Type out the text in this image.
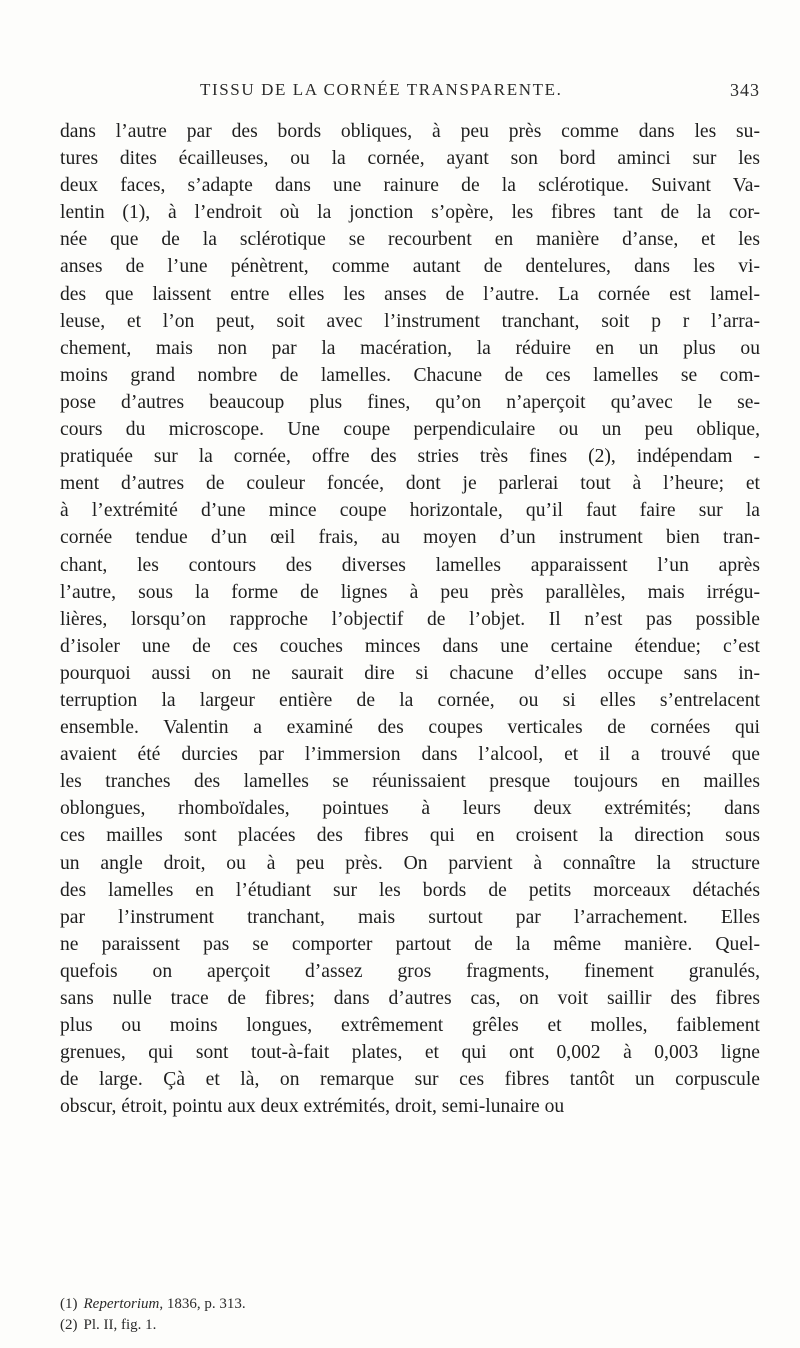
TISSU DE LA CORNÉE TRANSPARENTE.	343
dans l’autre par des bords obliques, à peu près comme dans les su-
tures dites écailleuses, ou la cornée, ayant son bord aminci sur les
deux faces, s’adapte dans une rainure de la sclérotique. Suivant Va-
lentin (1), à l’endroit où la jonction s’opère, les fibres tant de la cor-
née que de la sclérotique se recourbent en manière d’anse, et les
anses de l’une pénètrent, comme autant de dentelures, dans les vi-
des que laissent entre elles les anses de l’autre. La cornée est lamel-
leuse, et l’on peut, soit avec l’instrument tranchant, soit p r l’arra-
chement, mais non par la macération, la réduire en un plus ou
moins grand nombre de lamelles. Chacune de ces lamelles se com-
pose d’autres beaucoup plus fines, qu’on n’aperçoit qu’avec le se-
cours du microscope. Une coupe perpendiculaire ou un peu oblique,
pratiquée sur la cornée, offre des stries très fines (2), indépendam -
ment d’autres de couleur foncée, dont je parlerai tout à l’heure; et
à l’extrémité d’une mince coupe horizontale, qu’il faut faire sur la
cornée tendue d’un œil frais, au moyen d’un instrument bien tran-
chant, les contours des diverses lamelles apparaissent l’un après
l’autre, sous la forme de lignes à peu près parallèles, mais irrégu-
lières, lorsqu’on rapproche l’objectif de l’objet. Il n’est pas possible
d’isoler une de ces couches minces dans une certaine étendue; c’est
pourquoi aussi on ne saurait dire si chacune d’elles occupe sans in-
terruption la largeur entière de la cornée, ou si elles s’entrelacent
ensemble. Valentin a examiné des coupes verticales de cornées qui
avaient été durcies par l’immersion dans l’alcool, et il a trouvé que
les tranches des lamelles se réunissaient presque toujours en mailles
oblongues, rhomboïdales, pointues à leurs deux extrémités; dans
ces mailles sont placées des fibres qui en croisent la direction sous
un angle droit, ou à peu près. On parvient à connaître la structure
des lamelles en l’étudiant sur les bords de petits morceaux détachés
par l’instrument tranchant, mais surtout par l’arrachement. Elles
ne paraissent pas se comporter partout de la même manière. Quel-
quefois on aperçoit d’assez gros fragments, finement granulés,
sans nulle trace de fibres; dans d’autres cas, on voit saillir des fibres
plus ou moins longues, extrêmement grêles et molles, faiblement
grenues, qui sont tout-à-fait plates, et qui ont 0,002 à 0,003 ligne
de large. Çà et là, on remarque sur ces fibres tantôt un corpuscule
obscur, étroit, pointu aux deux extrémités, droit, semi-lunaire ou
(1) Repertorium, 1836, p. 313.
(2) Pl. II, fig. 1.
